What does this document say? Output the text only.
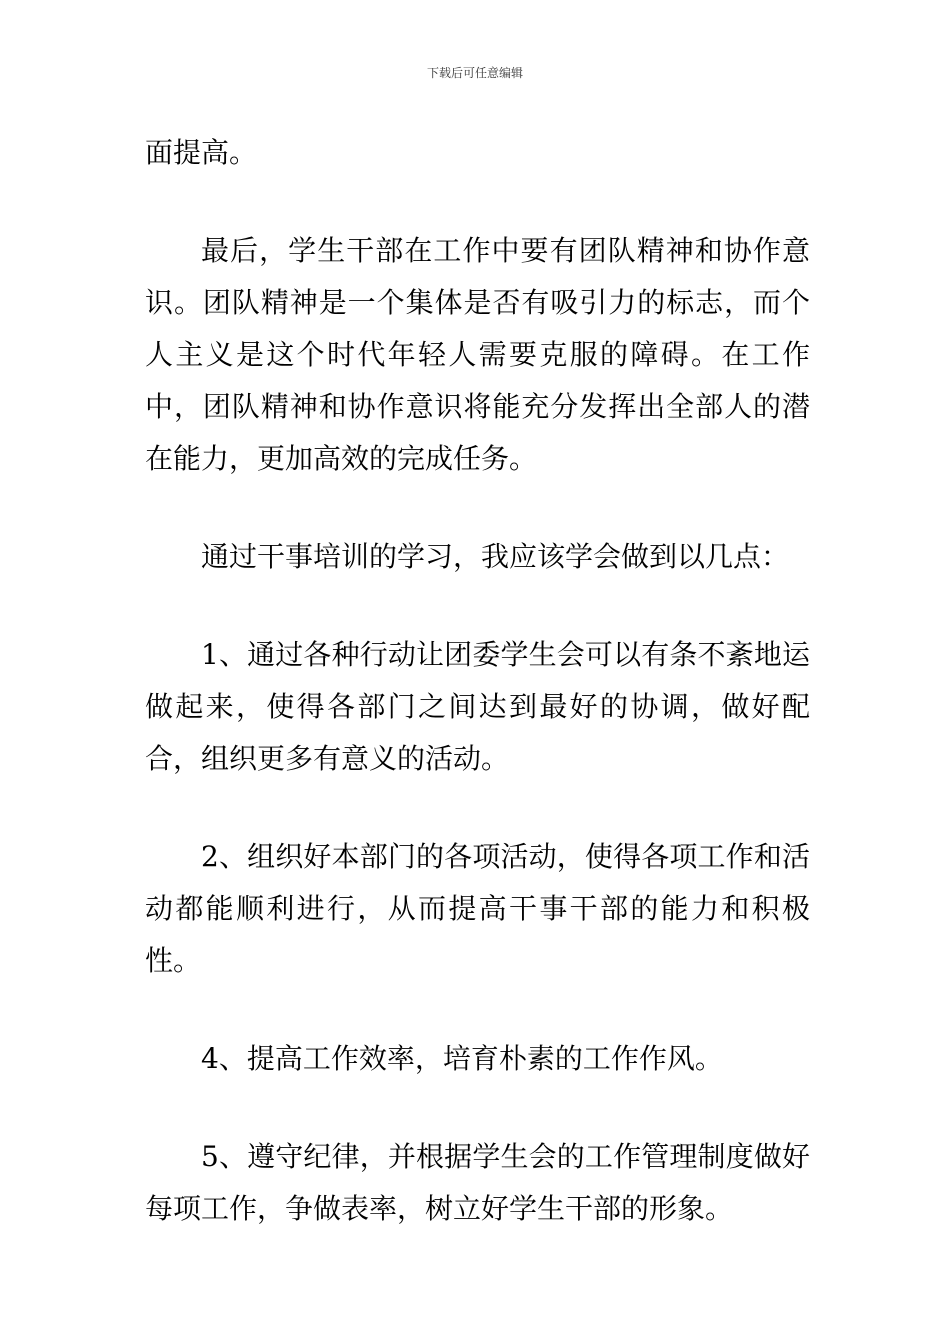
下载后可任意编辑

面提高。

最后，学生干部在工作中要有团队精神和协作意识。团队精神是一个集体是否有吸引力的标志，而个人主义是这个时代年轻人需要克服的障碍。在工作中，团队精神和协作意识将能充分发挥出全部人的潜在能力，更加高效的完成任务。

通过干事培训的学习，我应该学会做到以几点：

1、通过各种行动让团委学生会可以有条不紊地运做起来，使得各部门之间达到最好的协调，做好配合，组织更多有意义的活动。

2、组织好本部门的各项活动，使得各项工作和活动都能顺利进行，从而提高干事干部的能力和积极性。

4、提高工作效率，培育朴素的工作作风。

5、遵守纪律，并根据学生会的工作管理制度做好每项工作，争做表率，树立好学生干部的形象。
